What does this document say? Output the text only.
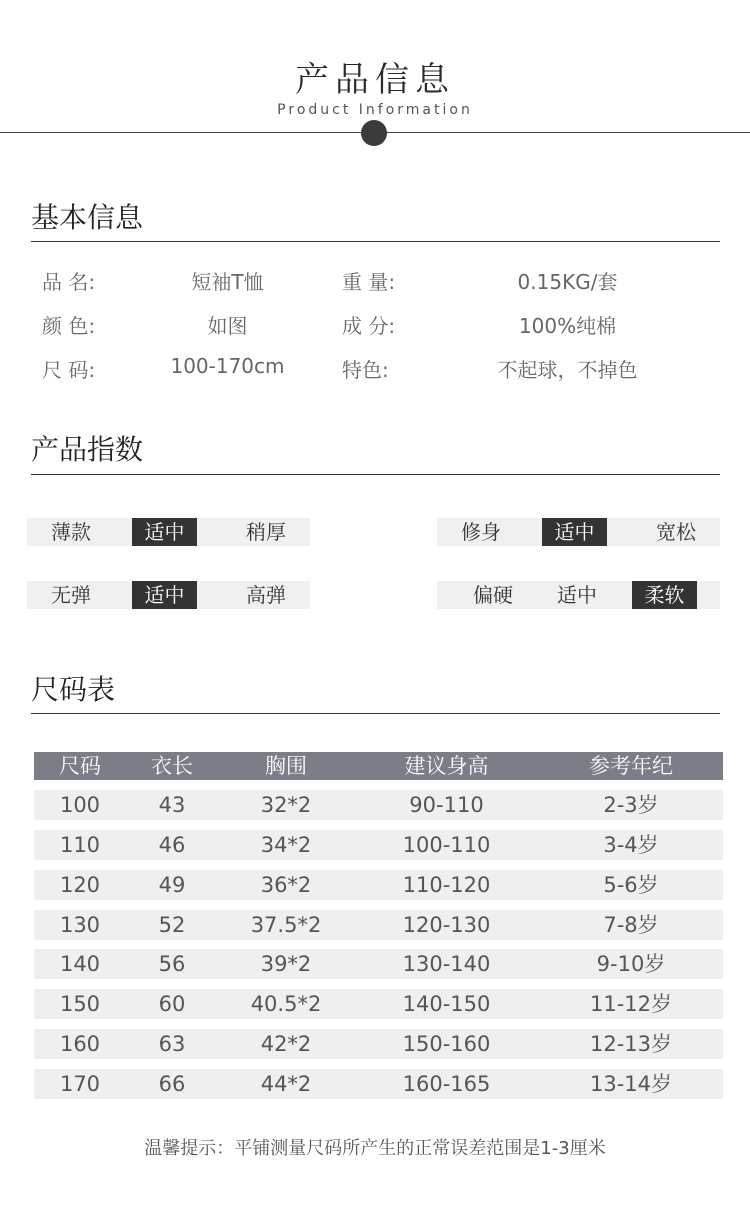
产品信息
Product Information
基本信息
品 名:	短袖T恤	重 量:	0.15KG/套
颜 色:	如图	成 分:	100%纯棉
尺 码:	100-170cm	特色:	不起球，不掉色
产品指数
薄款	适中	稍厚	修身	适中	宽松
无弹	适中	高弹	偏硬	适中	柔软
尺码表
尺码	衣长	胸围	建议身高	参考年纪
100	43	32*2	90-110	2-3岁
110	46	34*2	100-110	3-4岁
120	49	36*2	110-120	5-6岁
130	52	37.5*2	120-130	7-8岁
140	56	39*2	130-140	9-10岁
150	60	40.5*2	140-150	11-12岁
160	63	42*2	150-160	12-13岁
170	66	44*2	160-165	13-14岁
温馨提示：平铺测量尺码所产生的正常误差范围是1-3厘米
